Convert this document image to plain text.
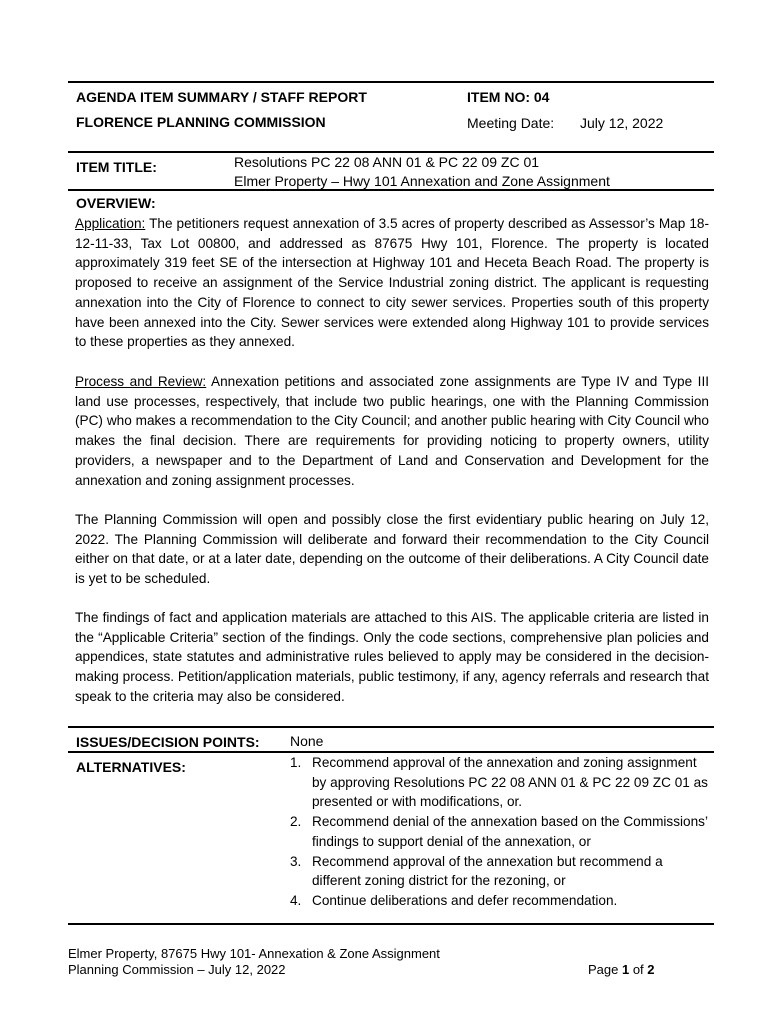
AGENDA ITEM SUMMARY / STAFF REPORT	ITEM NO: 04
FLORENCE PLANNING COMMISSION	Meeting Date: July 12, 2022
ITEM TITLE:	Resolutions PC 22 08 ANN 01 & PC 22 09 ZC 01
Elmer Property – Hwy 101 Annexation and Zone Assignment
OVERVIEW:

Application: The petitioners request annexation of 3.5 acres of property described as Assessor’s Map 18-12-11-33, Tax Lot 00800, and addressed as 87675 Hwy 101, Florence. The property is located approximately 319 feet SE of the intersection at Highway 101 and Heceta Beach Road. The property is proposed to receive an assignment of the Service Industrial zoning district. The applicant is requesting annexation into the City of Florence to connect to city sewer services. Properties south of this property have been annexed into the City. Sewer services were extended along Highway 101 to provide services to these properties as they annexed.

Process and Review: Annexation petitions and associated zone assignments are Type IV and Type III land use processes, respectively, that include two public hearings, one with the Planning Commission (PC) who makes a recommendation to the City Council; and another public hearing with City Council who makes the final decision. There are requirements for providing noticing to property owners, utility providers, a newspaper and to the Department of Land and Conservation and Development for the annexation and zoning assignment processes.

The Planning Commission will open and possibly close the first evidentiary public hearing on July 12, 2022. The Planning Commission will deliberate and forward their recommendation to the City Council either on that date, or at a later date, depending on the outcome of their deliberations. A City Council date is yet to be scheduled.

The findings of fact and application materials are attached to this AIS. The applicable criteria are listed in the “Applicable Criteria” section of the findings. Only the code sections, comprehensive plan policies and appendices, state statutes and administrative rules believed to apply may be considered in the decision-making process. Petition/application materials, public testimony, if any, agency referrals and research that speak to the criteria may also be considered.

ISSUES/DECISION POINTS: None
ALTERNATIVES:	1. Recommend approval of the annexation and zoning assignment by approving Resolutions PC 22 08 ANN 01 & PC 22 09 ZC 01 as presented or with modifications, or.
2. Recommend denial of the annexation based on the Commissions’ findings to support denial of the annexation, or
3. Recommend approval of the annexation but recommend a different zoning district for the rezoning, or
4. Continue deliberations and defer recommendation.
Elmer Property, 87675 Hwy 101- Annexation & Zone Assignment
Planning Commission – July 12, 2022	Page 1 of 2
